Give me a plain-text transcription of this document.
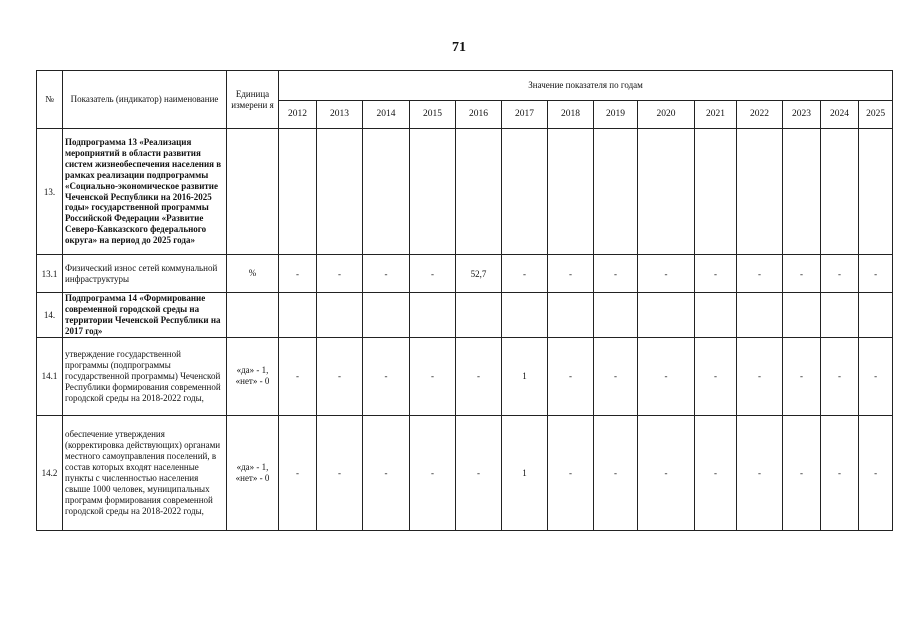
71
№	Показатель (индикатор) наименование	Единица измерени я	Значение показателя по годам													
			2012	2013	2014	2015	2016	2017	2018	2019	2020	2021	2022	2023	2024	2025
13.	Подпрограмма 13 «Реализация мероприятий в области развития систем жизнеобеспечения населения в рамках реализации подпрограммы «Социально-экономическое развитие Чеченской Республики на 2016-2025 годы» государственной программы Российской Федерации «Развитие Северо-Кавказского федерального округа» на период до 2025 года»															
13.1	Физический износ сетей коммунальной инфраструктуры	%	-	-	-	-	52,7	-	-	-	-	-	-	-	-	-
14.	Подпрограмма 14 «Формирование современной городской среды на территории Чеченской Республики на 2017 год»															
14.1	утверждение государственной программы (подпрограммы государственной программы) Чеченской Республики формирования современной городской среды на 2018-2022 годы,	«да» - 1, «нет» - 0	-	-	-	-	-	1	-	-	-	-	-	-	-	-
14.2	обеспечение утверждения (корректировка действующих) органами местного самоуправления поселений, в состав которых входят населенные пункты с численностью населения свыше 1000 человек, муниципальных программ формирования современной городской среды на 2018-2022 годы,	«да» - 1, «нет» - 0	-	-	-	-	-	1	-	-	-	-	-	-	-	-
